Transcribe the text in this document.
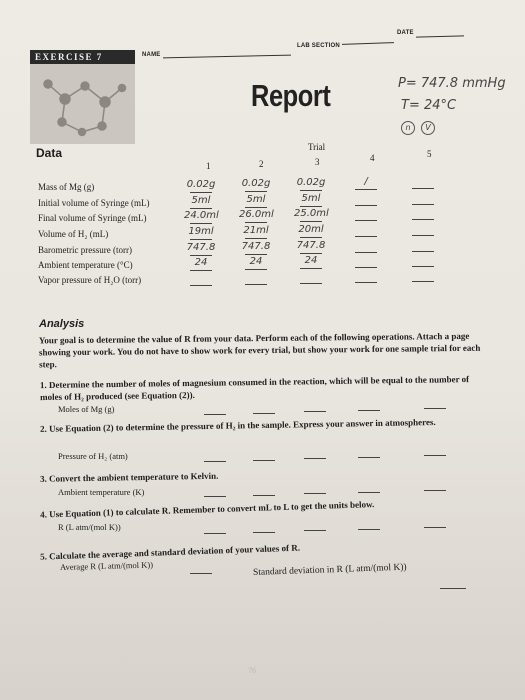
DATE
LAB SECTION
NAME
EXERCISE 7
Report	P= 747.8 mmHg
T= 24°C
n V
Data	Trial
1	2	3	4	5
Mass of Mg (g)	0.02g	0.02g	0.02g	/
Initial volume of Syringe (mL)	5ml	5ml	5ml
Final volume of Syringe (mL)	24.0ml 26.0ml 25.0ml
Volume of H₂ (mL)	19ml	21ml	20ml
Barometric pressure (torr)	747.8	747.8	747.8
Ambient temperature (°C)	24	24	24
Vapor pressure of H₂O (torr)
Analysis
Your goal is to determine the value of R from your data. Perform each of the following operations. Attach a page showing your work. You do not have to show work for every trial, but show your work for one sample trial for each step.
1. Determine the number of moles of magnesium consumed in the reaction, which will be equal to the number of moles of H₂ produced (see Equation (2)).
Moles of Mg (g)
2. Use Equation (2) to determine the pressure of H₂ in the sample. Express your answer in atmospheres.
Pressure of H₂ (atm)
3. Convert the ambient temperature to Kelvin.
Ambient temperature (K)
4. Use Equation (1) to calculate R. Remember to convert mL to L to get the units below.
R (L atm/(mol K))
5. Calculate the average and standard deviation of your values of R.
Average R (L atm/(mol K))	Standard deviation in R (L atm/(mol K))
76
